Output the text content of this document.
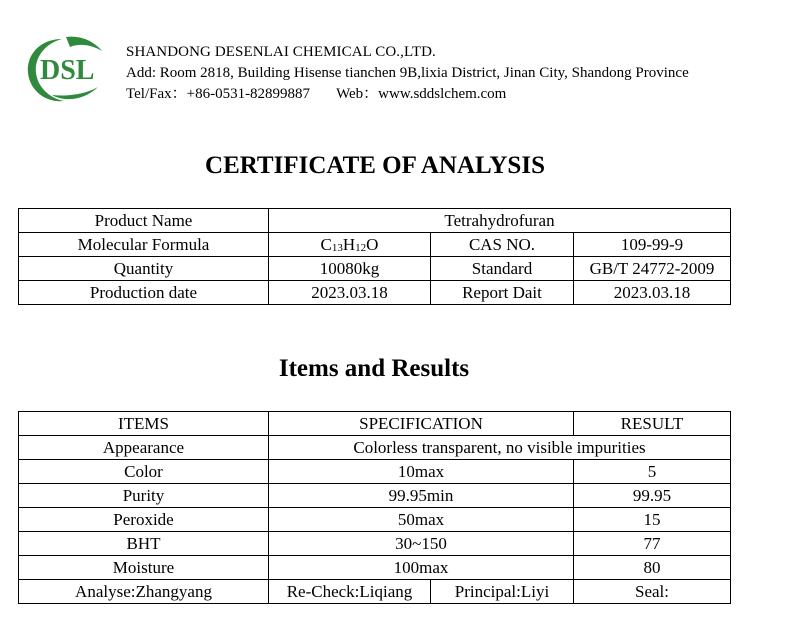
DSL
SHANDONG DESENLAI CHEMICAL CO.,LTD.
Add: Room 2818, Building Hisense tianchen 9B,lixia District, Jinan City, Shandong Province
Tel/Fax：+86-0531-82899887 Web：www.sddslchem.com
CERTIFICATE OF ANALYSIS
Product Name	Tetrahydrofuran		
Molecular Formula	$C_{13}H_{12}O$	CAS NO.	109-99-9
Quantity	10080kg	Standard	GB/T 24772-2009
Production date	2023.03.18	Report Dait	2023.03.18
Items and Results
ITEMS	SPECIFICATION		RESULT
Appearance	Colorless transparent, no visible impurities		
Color	10max		5
Purity	99.95min		99.95
Peroxide	50max		15
BHT	30~150		77
Moisture	100max		80
Analyse:Zhangyang	Re-Check:Liqiang	Principal:Liyi	Seal:
